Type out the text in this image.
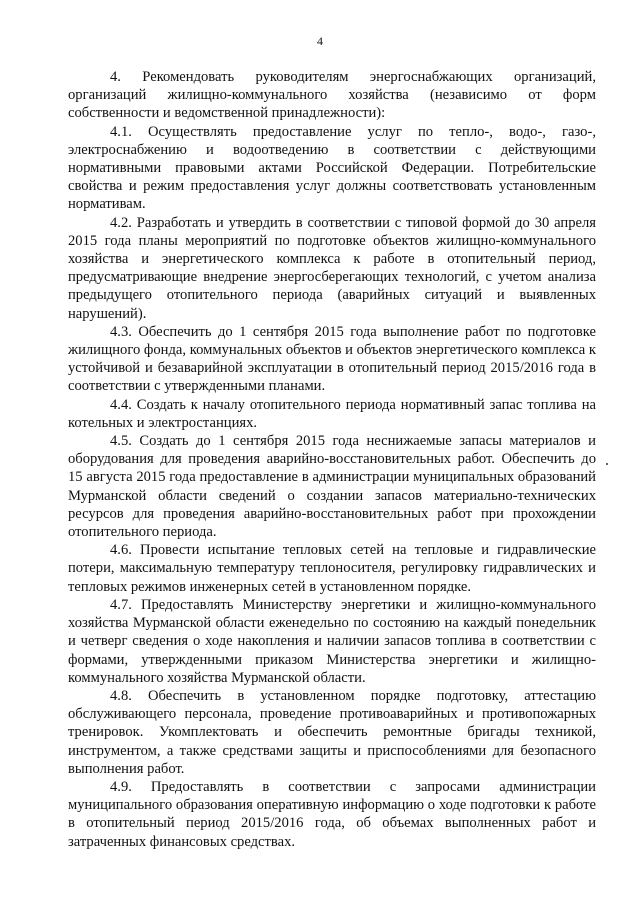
4

4. Рекомендовать руководителям энергоснабжающих организаций, организаций жилищно-коммунального хозяйства (независимо от форм собственности и ведомственной принадлежности):

4.1. Осуществлять предоставление услуг по тепло-, водо-, газо-, электроснабжению и водоотведению в соответствии с действующими нормативными правовыми актами Российской Федерации. Потребительские свойства и режим предоставления услуг должны соответствовать установленным нормативам.

4.2. Разработать и утвердить в соответствии с типовой формой до 30 апреля 2015 года планы мероприятий по подготовке объектов жилищно-коммунального хозяйства и энергетического комплекса к работе в отопительный период, предусматривающие внедрение энергосберегающих технологий, с учетом анализа предыдущего отопительного периода (аварийных ситуаций и выявленных нарушений).

4.3. Обеспечить до 1 сентября 2015 года выполнение работ по подготовке жилищного фонда, коммунальных объектов и объектов энергетического комплекса к устойчивой и безаварийной эксплуатации в отопительный период 2015/2016 года в соответствии с утвержденными планами.

4.4. Создать к началу отопительного периода нормативный запас топлива на котельных и электростанциях.

4.5. Создать до 1 сентября 2015 года неснижаемые запасы материалов и оборудования для проведения аварийно-восстановительных работ. Обеспечить до 15 августа 2015 года предоставление в администрации муниципальных образований Мурманской области сведений о создании запасов материально-технических ресурсов для проведения аварийно-восстановительных работ при прохождении отопительного периода.

4.6. Провести испытание тепловых сетей на тепловые и гидравлические потери, максимальную температуру теплоносителя, регулировку гидравлических и тепловых режимов инженерных сетей в установленном порядке.

4.7. Предоставлять Министерству энергетики и жилищно-коммунального хозяйства Мурманской области еженедельно по состоянию на каждый понедельник и четверг сведения о ходе накопления и наличии запасов топлива в соответствии с формами, утвержденными приказом Министерства энергетики и жилищно-коммунального хозяйства Мурманской области.

4.8. Обеспечить в установленном порядке подготовку, аттестацию обслуживающего персонала, проведение противоаварийных и противопожарных тренировок. Укомплектовать и обеспечить ремонтные бригады техникой, инструментом, а также средствами защиты и приспособлениями для безопасного выполнения работ.

4.9. Предоставлять в соответствии с запросами администрации муниципального образования оперативную информацию о ходе подготовки к работе в отопительный период 2015/2016 года, об объемах выполненных работ и затраченных финансовых средствах.
